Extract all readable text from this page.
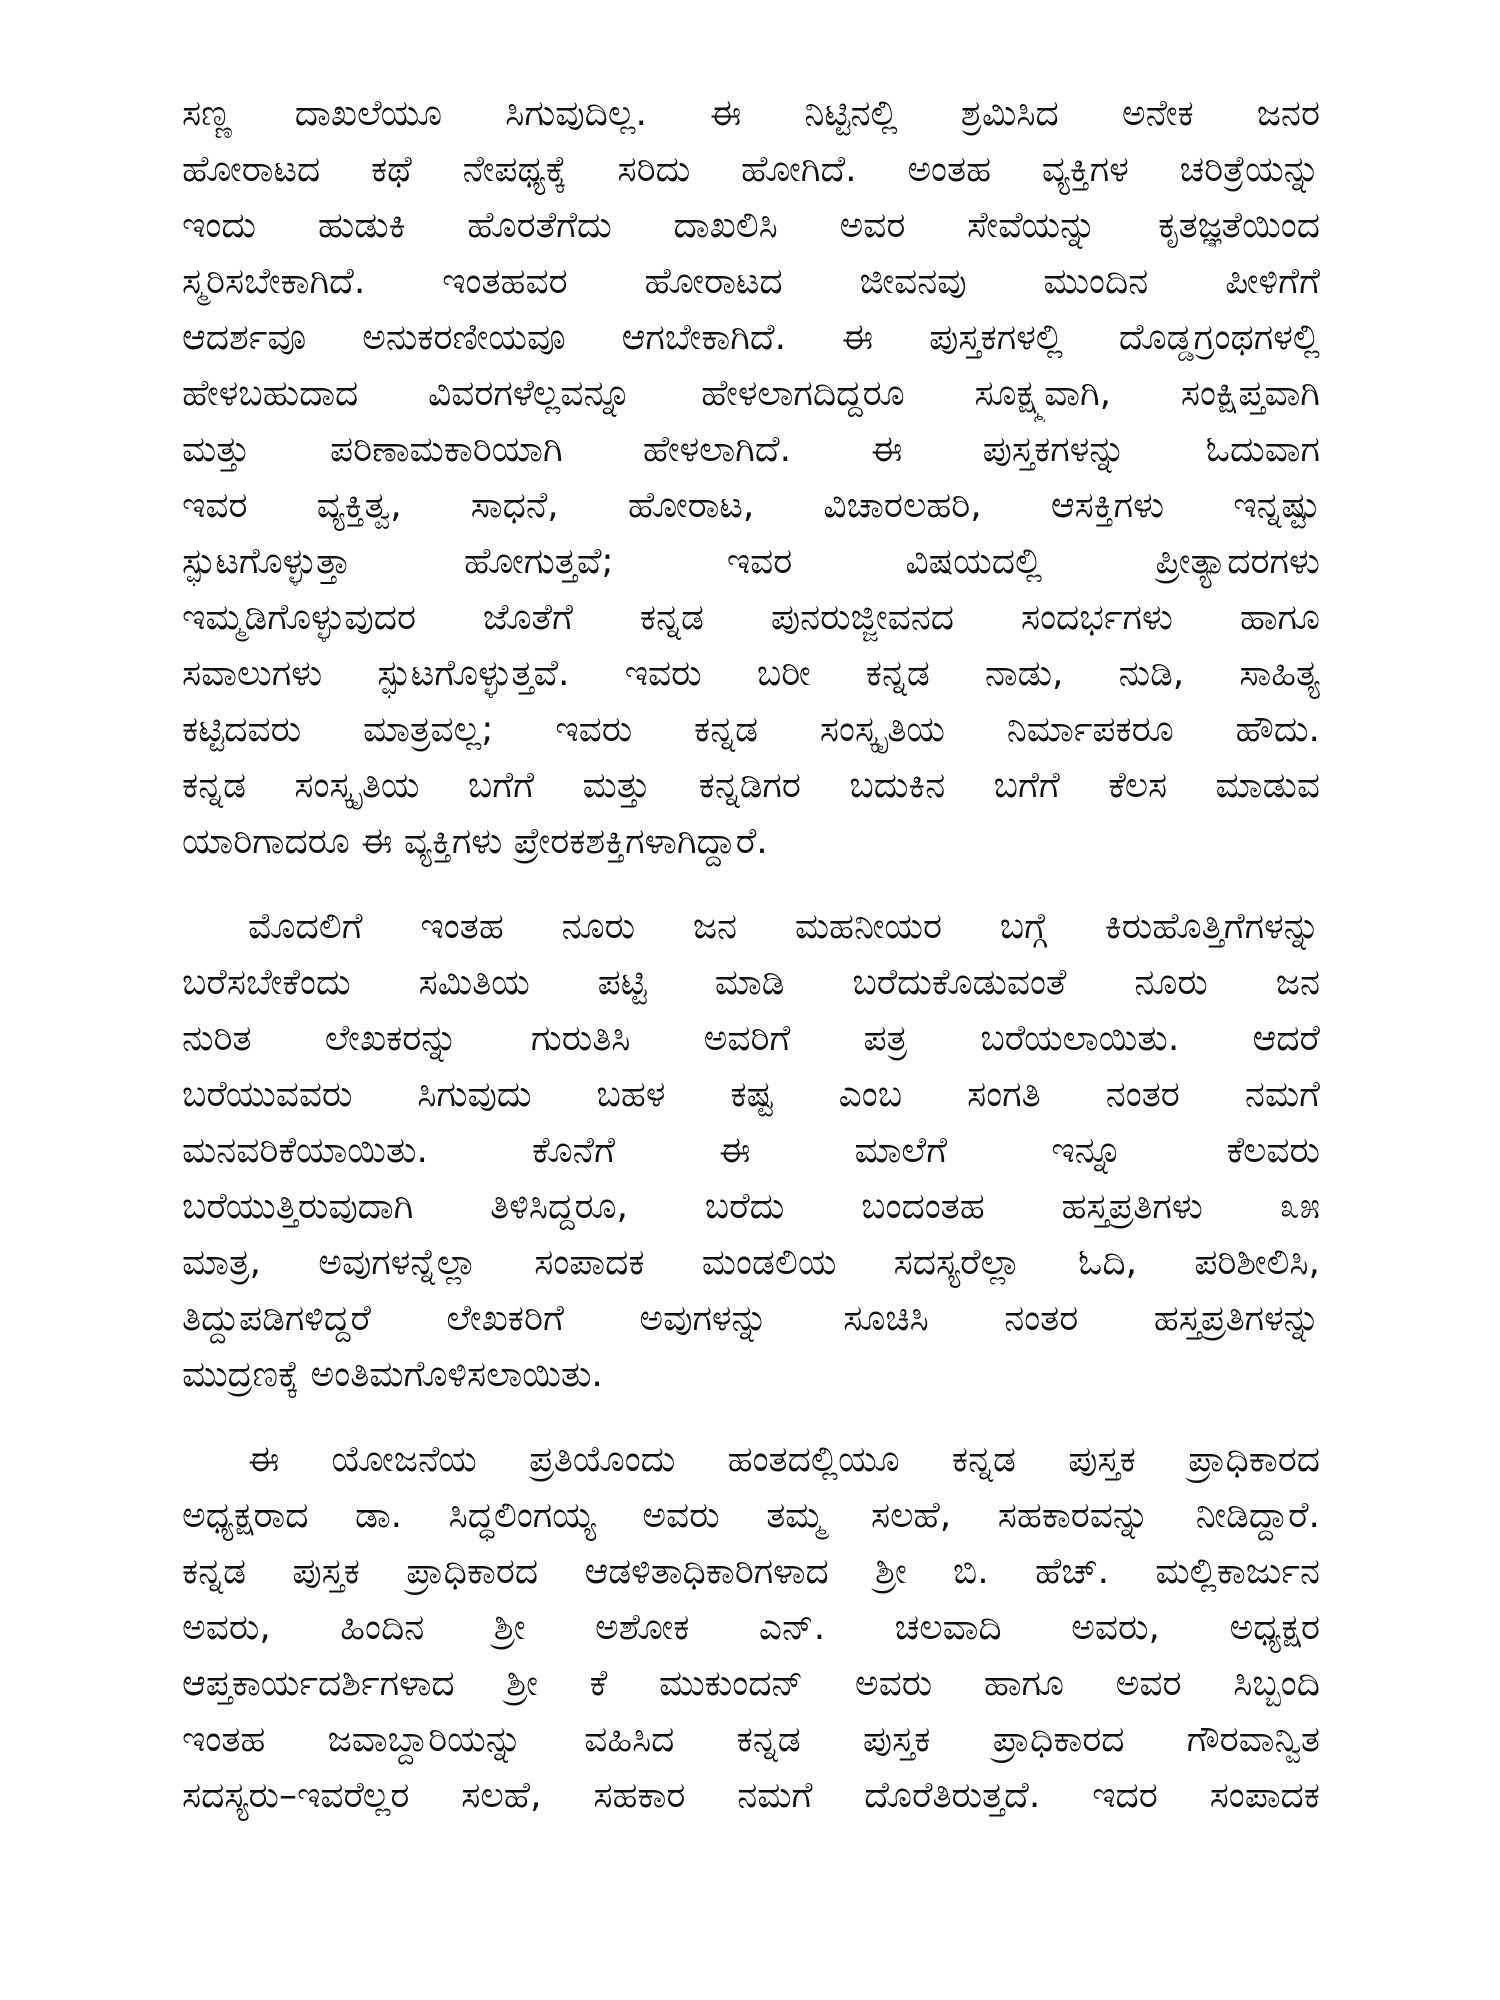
ಸಣ್ಣ ದಾಖಲೆಯೂ ಸಿಗುವುದಿಲ್ಲ. ಈ ನಿಟ್ಟಿನಲ್ಲಿ ಶ್ರಮಿಸಿದ ಅನೇಕ ಜನರ
ಹೋರಾಟದ ಕಥೆ ನೇಪಥ್ಯಕ್ಕೆ ಸರಿದು ಹೋಗಿದೆ. ಅಂತಹ ವ್ಯಕ್ತಿಗಳ ಚರಿತ್ರೆಯನ್ನು
ಇಂದು ಹುಡುಕಿ ಹೊರತೆಗೆದು ದಾಖಲಿಸಿ ಅವರ ಸೇವೆಯನ್ನು ಕೃತಜ್ಞತೆಯಿಂದ
ಸ್ಮರಿಸಬೇಕಾಗಿದೆ. ಇಂತಹವರ ಹೋರಾಟದ ಜೀವನವು ಮುಂದಿನ ಪೀಳಿಗೆಗೆ
ಆದರ್ಶವೂ ಅನುಕರಣೀಯವೂ ಆಗಬೇಕಾಗಿದೆ. ಈ ಪುಸ್ತಕಗಳಲ್ಲಿ ದೊಡ್ಡಗ್ರಂಥಗಳಲ್ಲಿ
ಹೇಳಬಹುದಾದ ವಿವರಗಳೆಲ್ಲವನ್ನೂ ಹೇಳಲಾಗದಿದ್ದರೂ ಸೂಕ್ಷ್ಮವಾಗಿ, ಸಂಕ್ಷಿಪ್ತವಾಗಿ
ಮತ್ತು ಪರಿಣಾಮಕಾರಿಯಾಗಿ ಹೇಳಲಾಗಿದೆ. ಈ ಪುಸ್ತಕಗಳನ್ನು ಓದುವಾಗ
ಇವರ ವ್ಯಕ್ತಿತ್ವ, ಸಾಧನೆ, ಹೋರಾಟ, ವಿಚಾರಲಹರಿ, ಆಸಕ್ತಿಗಳು ಇನ್ನಷ್ಟು
ಸ್ಫುಟಗೊಳ್ಳುತ್ತಾ ಹೋಗುತ್ತವೆ; ಇವರ ವಿಷಯದಲ್ಲಿ ಪ್ರೀತ್ಯಾದರಗಳು
ಇಮ್ಮಡಿಗೊಳ್ಳುವುದರ ಜೊತೆಗೆ ಕನ್ನಡ ಪುನರುಜ್ಜೀವನದ ಸಂದರ್ಭಗಳು ಹಾಗೂ
ಸವಾಲುಗಳು ಸ್ಫುಟಗೊಳ್ಳುತ್ತವೆ. ಇವರು ಬರೀ ಕನ್ನಡ ನಾಡು, ನುಡಿ, ಸಾಹಿತ್ಯ
ಕಟ್ಟಿದವರು ಮಾತ್ರವಲ್ಲ; ಇವರು ಕನ್ನಡ ಸಂಸ್ಕೃತಿಯ ನಿರ್ಮಾಪಕರೂ ಹೌದು.
ಕನ್ನಡ ಸಂಸ್ಕೃತಿಯ ಬಗೆಗೆ ಮತ್ತು ಕನ್ನಡಿಗರ ಬದುಕಿನ ಬಗೆಗೆ ಕೆಲಸ ಮಾಡುವ
ಯಾರಿಗಾದರೂ ಈ ವ್ಯಕ್ತಿಗಳು ಪ್ರೇರಕಶಕ್ತಿಗಳಾಗಿದ್ದಾರೆ.
ಮೊದಲಿಗೆ ಇಂತಹ ನೂರು ಜನ ಮಹನೀಯರ ಬಗ್ಗೆ ಕಿರುಹೊತ್ತಿಗೆಗಳನ್ನು
ಬರೆಸಬೇಕೆಂದು ಸಮಿತಿಯ ಪಟ್ಟಿ ಮಾಡಿ ಬರೆದುಕೊಡುವಂತೆ ನೂರು ಜನ
ನುರಿತ ಲೇಖಕರನ್ನು ಗುರುತಿಸಿ ಅವರಿಗೆ ಪತ್ರ ಬರೆಯಲಾಯಿತು. ಆದರೆ
ಬರೆಯುವವರು ಸಿಗುವುದು ಬಹಳ ಕಷ್ಟ ಎಂಬ ಸಂಗತಿ ನಂತರ ನಮಗೆ
ಮನವರಿಕೆಯಾಯಿತು. ಕೊನೆಗೆ ಈ ಮಾಲೆಗೆ ಇನ್ನೂ ಕೆಲವರು
ಬರೆಯುತ್ತಿರುವುದಾಗಿ ತಿಳಿಸಿದ್ದರೂ, ಬರೆದು ಬಂದಂತಹ ಹಸ್ತಪ್ರತಿಗಳು ೩೫
ಮಾತ್ರ, ಅವುಗಳನ್ನೆಲ್ಲಾ ಸಂಪಾದಕ ಮಂಡಲಿಯ ಸದಸ್ಯರೆಲ್ಲಾ ಓದಿ, ಪರಿಶೀಲಿಸಿ,
ತಿದ್ದುಪಡಿಗಳಿದ್ದರೆ ಲೇಖಕರಿಗೆ ಅವುಗಳನ್ನು ಸೂಚಿಸಿ ನಂತರ ಹಸ್ತಪ್ರತಿಗಳನ್ನು
ಮುದ್ರಣಕ್ಕೆ ಅಂತಿಮಗೊಳಿಸಲಾಯಿತು.
ಈ ಯೋಜನೆಯ ಪ್ರತಿಯೊಂದು ಹಂತದಲ್ಲಿಯೂ ಕನ್ನಡ ಪುಸ್ತಕ ಪ್ರಾಧಿಕಾರದ
ಅಧ್ಯಕ್ಷರಾದ ಡಾ. ಸಿದ್ಧಲಿಂಗಯ್ಯ ಅವರು ತಮ್ಮ ಸಲಹೆ, ಸಹಕಾರವನ್ನು ನೀಡಿದ್ದಾರೆ.
ಕನ್ನಡ ಪುಸ್ತಕ ಪ್ರಾಧಿಕಾರದ ಆಡಳಿತಾಧಿಕಾರಿಗಳಾದ ಶ್ರೀ ಬಿ. ಹೆಚ್. ಮಲ್ಲಿಕಾರ್ಜುನ
ಅವರು, ಹಿಂದಿನ ಶ್ರೀ ಅಶೋಕ ಎನ್. ಚಲವಾದಿ ಅವರು, ಅಧ್ಯಕ್ಷರ
ಆಪ್ತಕಾರ್ಯದರ್ಶಿಗಳಾದ ಶ್ರೀ ಕೆ ಮುಕುಂದನ್ ಅವರು ಹಾಗೂ ಅವರ ಸಿಬ್ಬಂದಿ
ಇಂತಹ ಜವಾಬ್ದಾರಿಯನ್ನು ವಹಿಸಿದ ಕನ್ನಡ ಪುಸ್ತಕ ಪ್ರಾಧಿಕಾರದ ಗೌರವಾನ್ವಿತ
ಸದಸ್ಯರು–ಇವರೆಲ್ಲರ ಸಲಹೆ, ಸಹಕಾರ ನಮಗೆ ದೊರೆತಿರುತ್ತದೆ. ಇದರ ಸಂಪಾದಕ
